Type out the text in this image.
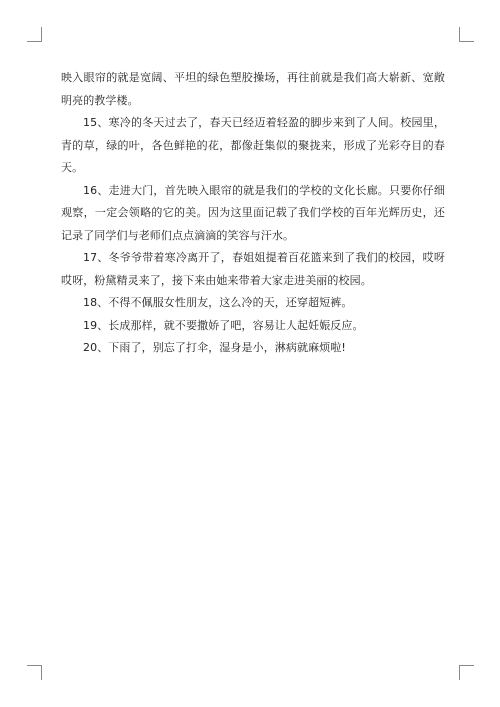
映入眼帘的就是宽阔、平坦的绿色塑胶操场，再往前就是我们高大崭新、宽敞明亮的教学楼。

15、寒冷的冬天过去了，春天已经迈着轻盈的脚步来到了人间。校园里，青的草，绿的叶，各色鲜艳的花，都像赶集似的聚拢来，形成了光彩夺目的春天。

16、走进大门，首先映入眼帘的就是我们的学校的文化长廊。只要你仔细观察，一定会领略的它的美。因为这里面记载了我们学校的百年光辉历史，还记录了同学们与老师们点点滴滴的笑容与汗水。

17、冬爷爷带着寒冷离开了，春姐姐提着百花篮来到了我们的校园，哎呀哎呀，粉黛精灵来了，接下来由她来带着大家走进美丽的校园。

18、不得不佩服女性朋友，这么冷的天，还穿超短裤。

19、长成那样，就不要撒娇了吧，容易让人起妊娠反应。

20、下雨了，别忘了打伞，湿身是小，淋病就麻烦啦!
